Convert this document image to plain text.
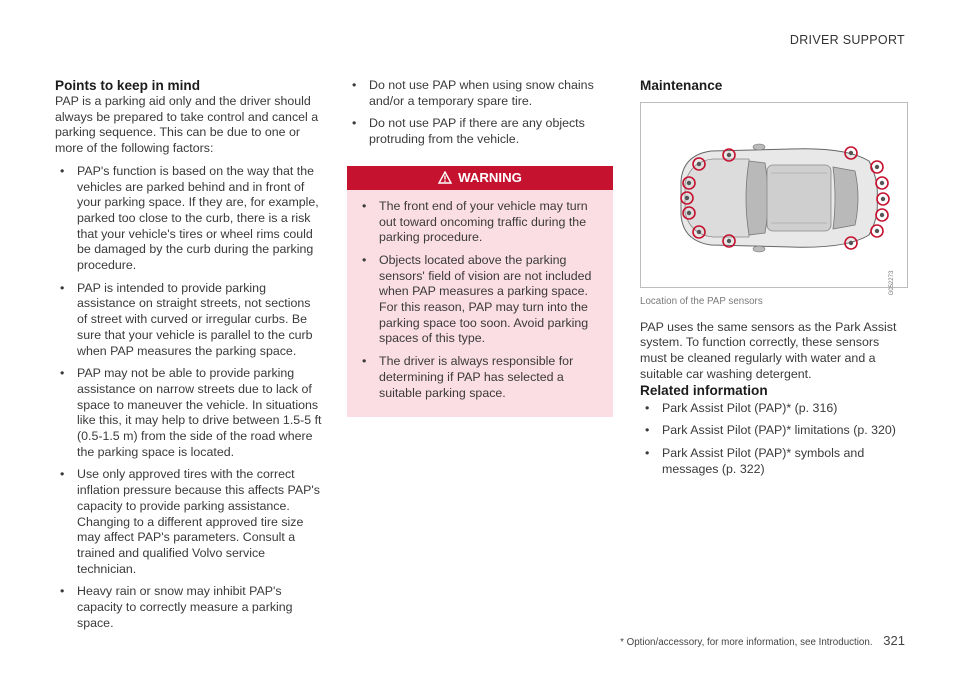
DRIVER SUPPORT
Points to keep in mind

PAP is a parking aid only and the driver should always be prepared to take control and cancel a parking sequence. This can be due to one or more of the following factors:

• PAP's function is based on the way that the vehicles are parked behind and in front of your parking space. If they are, for example, parked too close to the curb, there is a risk that your vehicle's tires or wheel rims could be damaged by the curb during the parking procedure.
• PAP is intended to provide parking assistance on straight streets, not sections of street with curved or irregular curbs. Be sure that your vehicle is parallel to the curb when PAP measures the parking space.
• PAP may not be able to provide parking assistance on narrow streets due to lack of space to maneuver the vehicle. In situations like this, it may help to drive between 1.5-5 ft (0.5-1.5 m) from the side of the road where the parking space is located.
• Use only approved tires with the correct inflation pressure because this affects PAP's capacity to provide parking assistance. Changing to a different approved tire size may affect PAP's parameters. Consult a trained and qualified Volvo service technician.
• Heavy rain or snow may inhibit PAP's capacity to correctly measure a parking space.
• Do not use PAP when using snow chains and/or a temporary spare tire.
• Do not use PAP if there are any objects protruding from the vehicle.
WARNING
• The front end of your vehicle may turn out toward oncoming traffic during the parking procedure.
• Objects located above the parking sensors' field of vision are not included when PAP measures a parking space. For this reason, PAP may turn into the parking space too soon. Avoid parking spaces of this type.
• The driver is always responsible for determining if PAP has selected a suitable parking space.
Maintenance
G052273
Location of the PAP sensors

PAP uses the same sensors as the Park Assist system. To function correctly, these sensors must be cleaned regularly with water and a suitable car washing detergent.

Related information
• Park Assist Pilot (PAP)* (p. 316)
• Park Assist Pilot (PAP)* limitations (p. 320)
• Park Assist Pilot (PAP)* symbols and messages (p. 322)
* Option/accessory, for more information, see Introduction. 321
